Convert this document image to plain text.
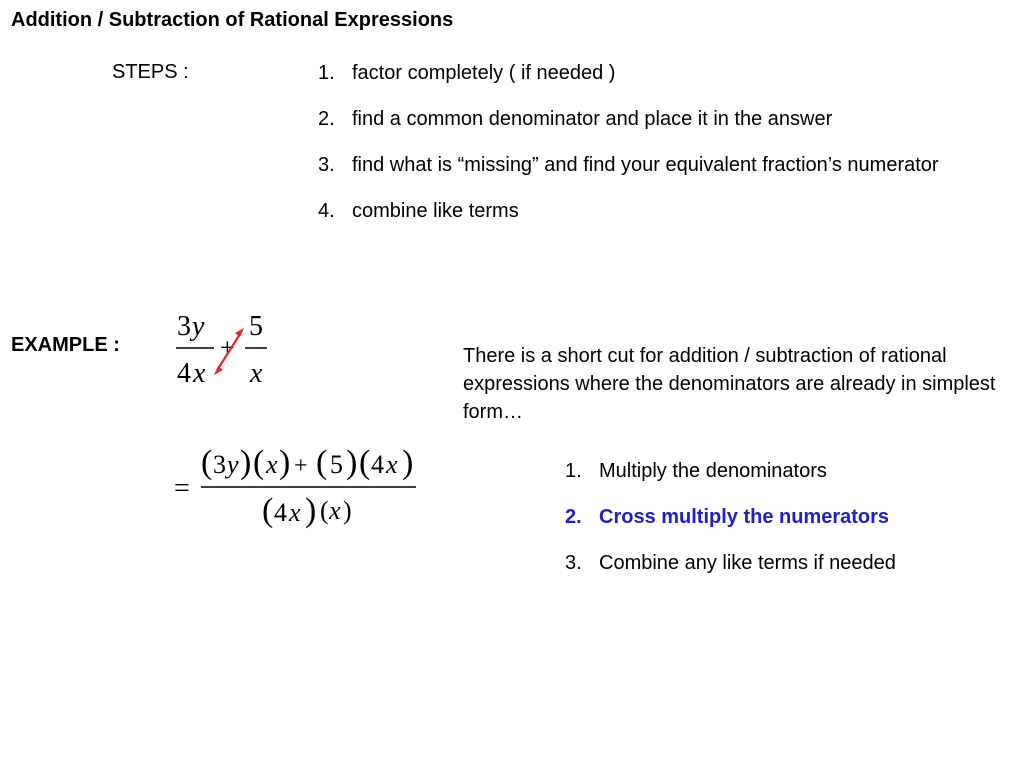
Addition / Subtraction of Rational Expressions
STEPS :	1. factor completely ( if needed )
2. find a common denominator and place it in the answer
3. find what is “missing” and find your equivalent fraction’s numerator
4. combine like terms
EXAMPLE :
3 y
4 x
+
5
x
=
( 3 y ) ( x ) + ( 5 ) ( 4 x )
( 4 x ) ( x )
There is a short cut for addition / subtraction of rational expressions where the denominators are already in simplest form…
1. Multiply the denominators
2. Cross multiply the numerators
3. Combine any like terms if needed
